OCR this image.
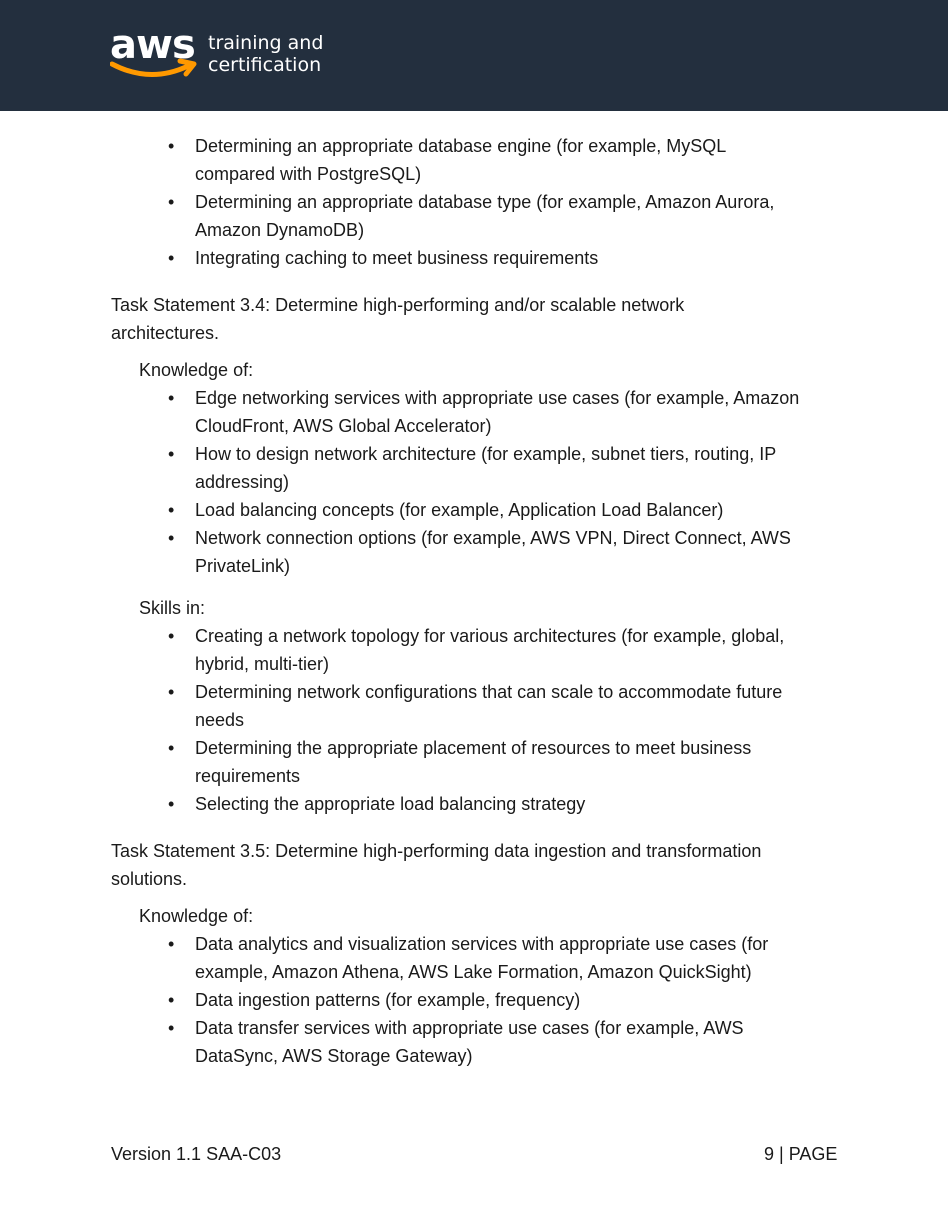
aws training and
certification
• Determining an appropriate database engine (for example, MySQL
compared with PostgreSQL)
• Determining an appropriate database type (for example, Amazon Aurora,
Amazon DynamoDB)
• Integrating caching to meet business requirements
Task Statement 3.4: Determine high-performing and/or scalable network
architectures.
Knowledge of:
• Edge networking services with appropriate use cases (for example, Amazon
CloudFront, AWS Global Accelerator)
• How to design network architecture (for example, subnet tiers, routing, IP
addressing)
• Load balancing concepts (for example, Application Load Balancer)
• Network connection options (for example, AWS VPN, Direct Connect, AWS
PrivateLink)
Skills in:
• Creating a network topology for various architectures (for example, global,
hybrid, multi-tier)
• Determining network configurations that can scale to accommodate future
needs
• Determining the appropriate placement of resources to meet business
requirements
• Selecting the appropriate load balancing strategy
Task Statement 3.5: Determine high-performing data ingestion and transformation
solutions.
Knowledge of:
• Data analytics and visualization services with appropriate use cases (for
example, Amazon Athena, AWS Lake Formation, Amazon QuickSight)
• Data ingestion patterns (for example, frequency)
• Data transfer services with appropriate use cases (for example, AWS
DataSync, AWS Storage Gateway)
Version 1.1 SAA-C03	9 | PAGE
